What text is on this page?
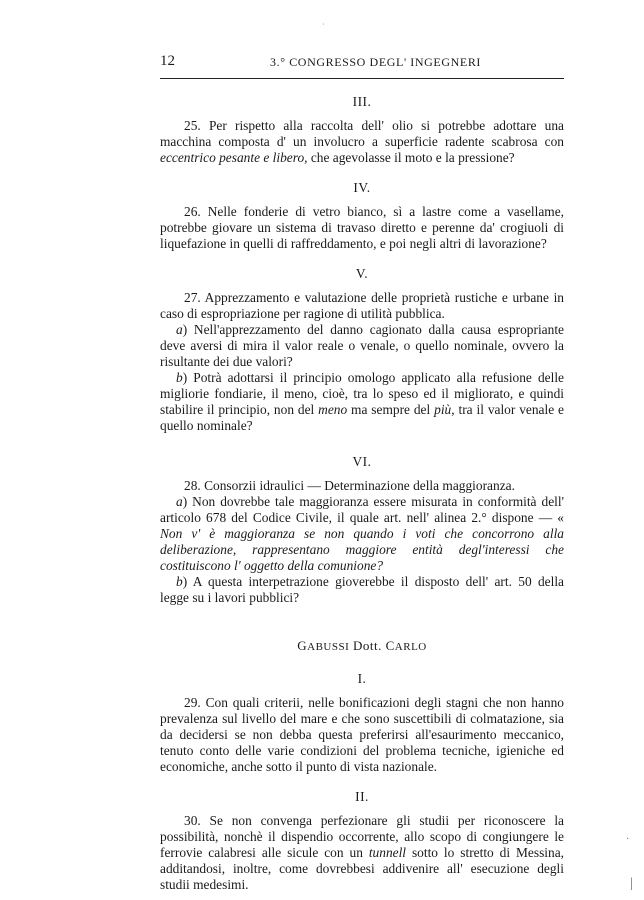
·
12	3.° CONGRESSO DEGL' INGEGNERI
III.

25. Per rispetto alla raccolta dell' olio si potrebbe adottare una macchina composta d' un involucro a superficie radente scabrosa con eccentrico pesante e libero, che agevolasse il moto e la pressione?

IV.

26. Nelle fonderie di vetro bianco, sì a lastre come a vasellame, potrebbe giovare un sistema di travaso diretto e perenne da' crogiuoli di liquefazione in quelli di raffreddamento, e poi negli altri di lavorazione?

V.

27. Apprezzamento e valutazione delle proprietà rustiche e urbane in caso di espropriazione per ragione di utilità pubblica.

a) Nell'apprezzamento del danno cagionato dalla causa espropriante deve aversi di mira il valor reale o venale, o quello nominale, ovvero la risultante dei due valori?

b) Potrà adottarsi il principio omologo applicato alla refusione delle migliorie fondiarie, il meno, cioè, tra lo speso ed il migliorato, e quindi stabilire il principio, non del meno ma sempre del più, tra il valor venale e quello nominale?

VI.

28. Consorzii idraulici — Determinazione della maggioranza.

a) Non dovrebbe tale maggioranza essere misurata in conformità dell' articolo 678 del Codice Civile, il quale art. nell' alinea 2.° dispone — « Non v' è maggioranza se non quando i voti che concorrono alla deliberazione, rappresentano maggiore entità degl'interessi che costituiscono l' oggetto della comunione?

b) A questa interpetrazione gioverebbe il disposto dell' art. 50 della legge su i lavori pubblici?

GABUSSI Dott. CARLO
I.

29. Con quali criterii, nelle bonificazioni degli stagni che non hanno prevalenza sul livello del mare e che sono suscettibili di colmatazione, sia da decidersi se non debba questa preferirsi all'esaurimento meccanico, tenuto conto delle varie condizioni del problema tecniche, igieniche ed economiche, anche sotto il punto di vista nazionale.

II.

30. Se non convenga perfezionare gli studii per riconoscere la possibilità, nonchè il dispendio occorrente, allo scopo di congiungere le ferrovie calabresi alle sicule con un tunnell sotto lo stretto di Messina, additandosi, inoltre, come dovrebbesi addivenire all' esecuzione degli studii medesimi.

·
|
